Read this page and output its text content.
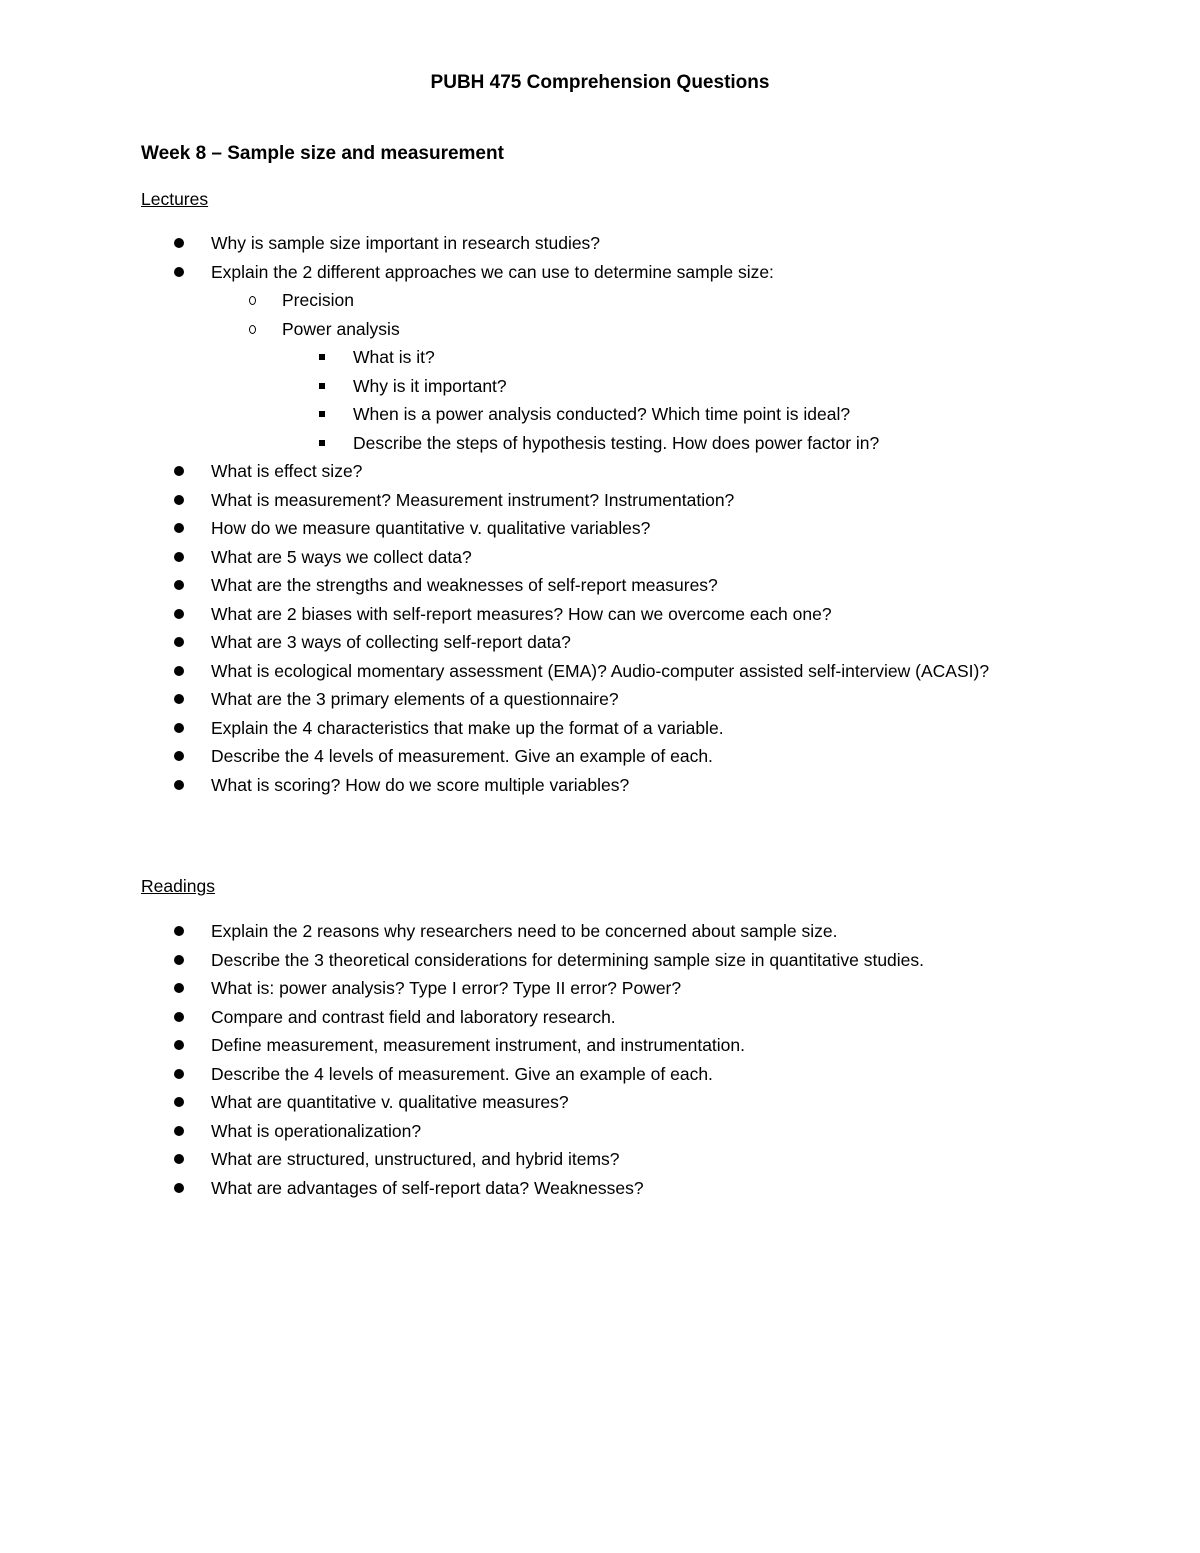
PUBH 475 Comprehension Questions
Week 8 – Sample size and measurement

Lectures

Why is sample size important in research studies?
Explain the 2 different approaches we can use to determine sample size:
Precision
Power analysis
What is it?
Why is it important?
When is a power analysis conducted? Which time point is ideal?
Describe the steps of hypothesis testing. How does power factor in?
What is effect size?
What is measurement? Measurement instrument? Instrumentation?
How do we measure quantitative v. qualitative variables?
What are 5 ways we collect data?
What are the strengths and weaknesses of self-report measures?
What are 2 biases with self-report measures? How can we overcome each one?
What are 3 ways of collecting self-report data?
What is ecological momentary assessment (EMA)? Audio-computer assisted self-interview (ACASI)?
What are the 3 primary elements of a questionnaire?
Explain the 4 characteristics that make up the format of a variable.
Describe the 4 levels of measurement. Give an example of each.
What is scoring? How do we score multiple variables?

Readings

Explain the 2 reasons why researchers need to be concerned about sample size.
Describe the 3 theoretical considerations for determining sample size in quantitative studies.
What is: power analysis? Type I error? Type II error? Power?
Compare and contrast field and laboratory research.
Define measurement, measurement instrument, and instrumentation.
Describe the 4 levels of measurement. Give an example of each.
What are quantitative v. qualitative measures?
What is operationalization?
What are structured, unstructured, and hybrid items?
What are advantages of self-report data? Weaknesses?
